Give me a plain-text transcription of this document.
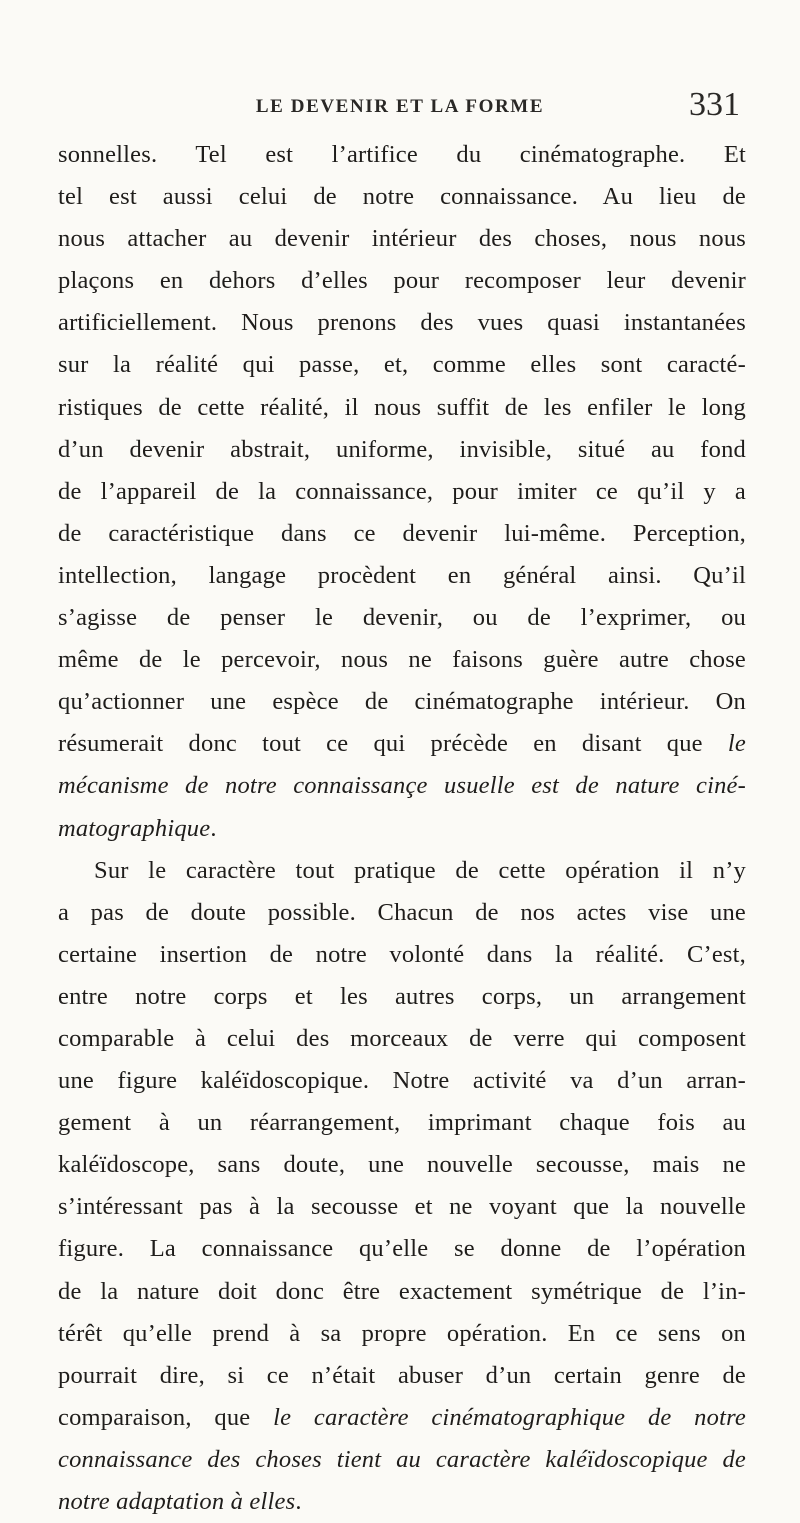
LE DEVENIR ET LA FORME	331
sonnelles. Tel est l’artifice du cinématographe. Et
tel est aussi celui de notre connaissance. Au lieu de
nous attacher au devenir intérieur des choses, nous nous
plaçons en dehors d’elles pour recomposer leur devenir
artificiellement. Nous prenons des vues quasi instantanées
sur la réalité qui passe, et, comme elles sont caracté-
ristiques de cette réalité, il nous suffit de les enfiler le long
d’un devenir abstrait, uniforme, invisible, situé au fond
de l’appareil de la connaissance, pour imiter ce qu’il y a
de caractéristique dans ce devenir lui-même. Perception,
intellection, langage procèdent en général ainsi. Qu’il
s’agisse de penser le devenir, ou de l’exprimer, ou
même de le percevoir, nous ne faisons guère autre chose
qu’actionner une espèce de cinématographe intérieur. On
résumerait donc tout ce qui précède en disant que le
mécanisme de notre connaissançe usuelle est de nature ciné-
matographique.
Sur le caractère tout pratique de cette opération il n’y
a pas de doute possible. Chacun de nos actes vise une
certaine insertion de notre volonté dans la réalité. C’est,
entre notre corps et les autres corps, un arrangement
comparable à celui des morceaux de verre qui composent
une figure kaléïdoscopique. Notre activité va d’un arran-
gement à un réarrangement, imprimant chaque fois au
kaléïdoscope, sans doute, une nouvelle secousse, mais ne
s’intéressant pas à la secousse et ne voyant que la nouvelle
figure. La connaissance qu’elle se donne de l’opération
de la nature doit donc être exactement symétrique de l’in-
térêt qu’elle prend à sa propre opération. En ce sens on
pourrait dire, si ce n’était abuser d’un certain genre de
comparaison, que le caractère cinématographique de notre
connaissance des choses tient au caractère kaléïdoscopique de
notre adaptation à elles.
